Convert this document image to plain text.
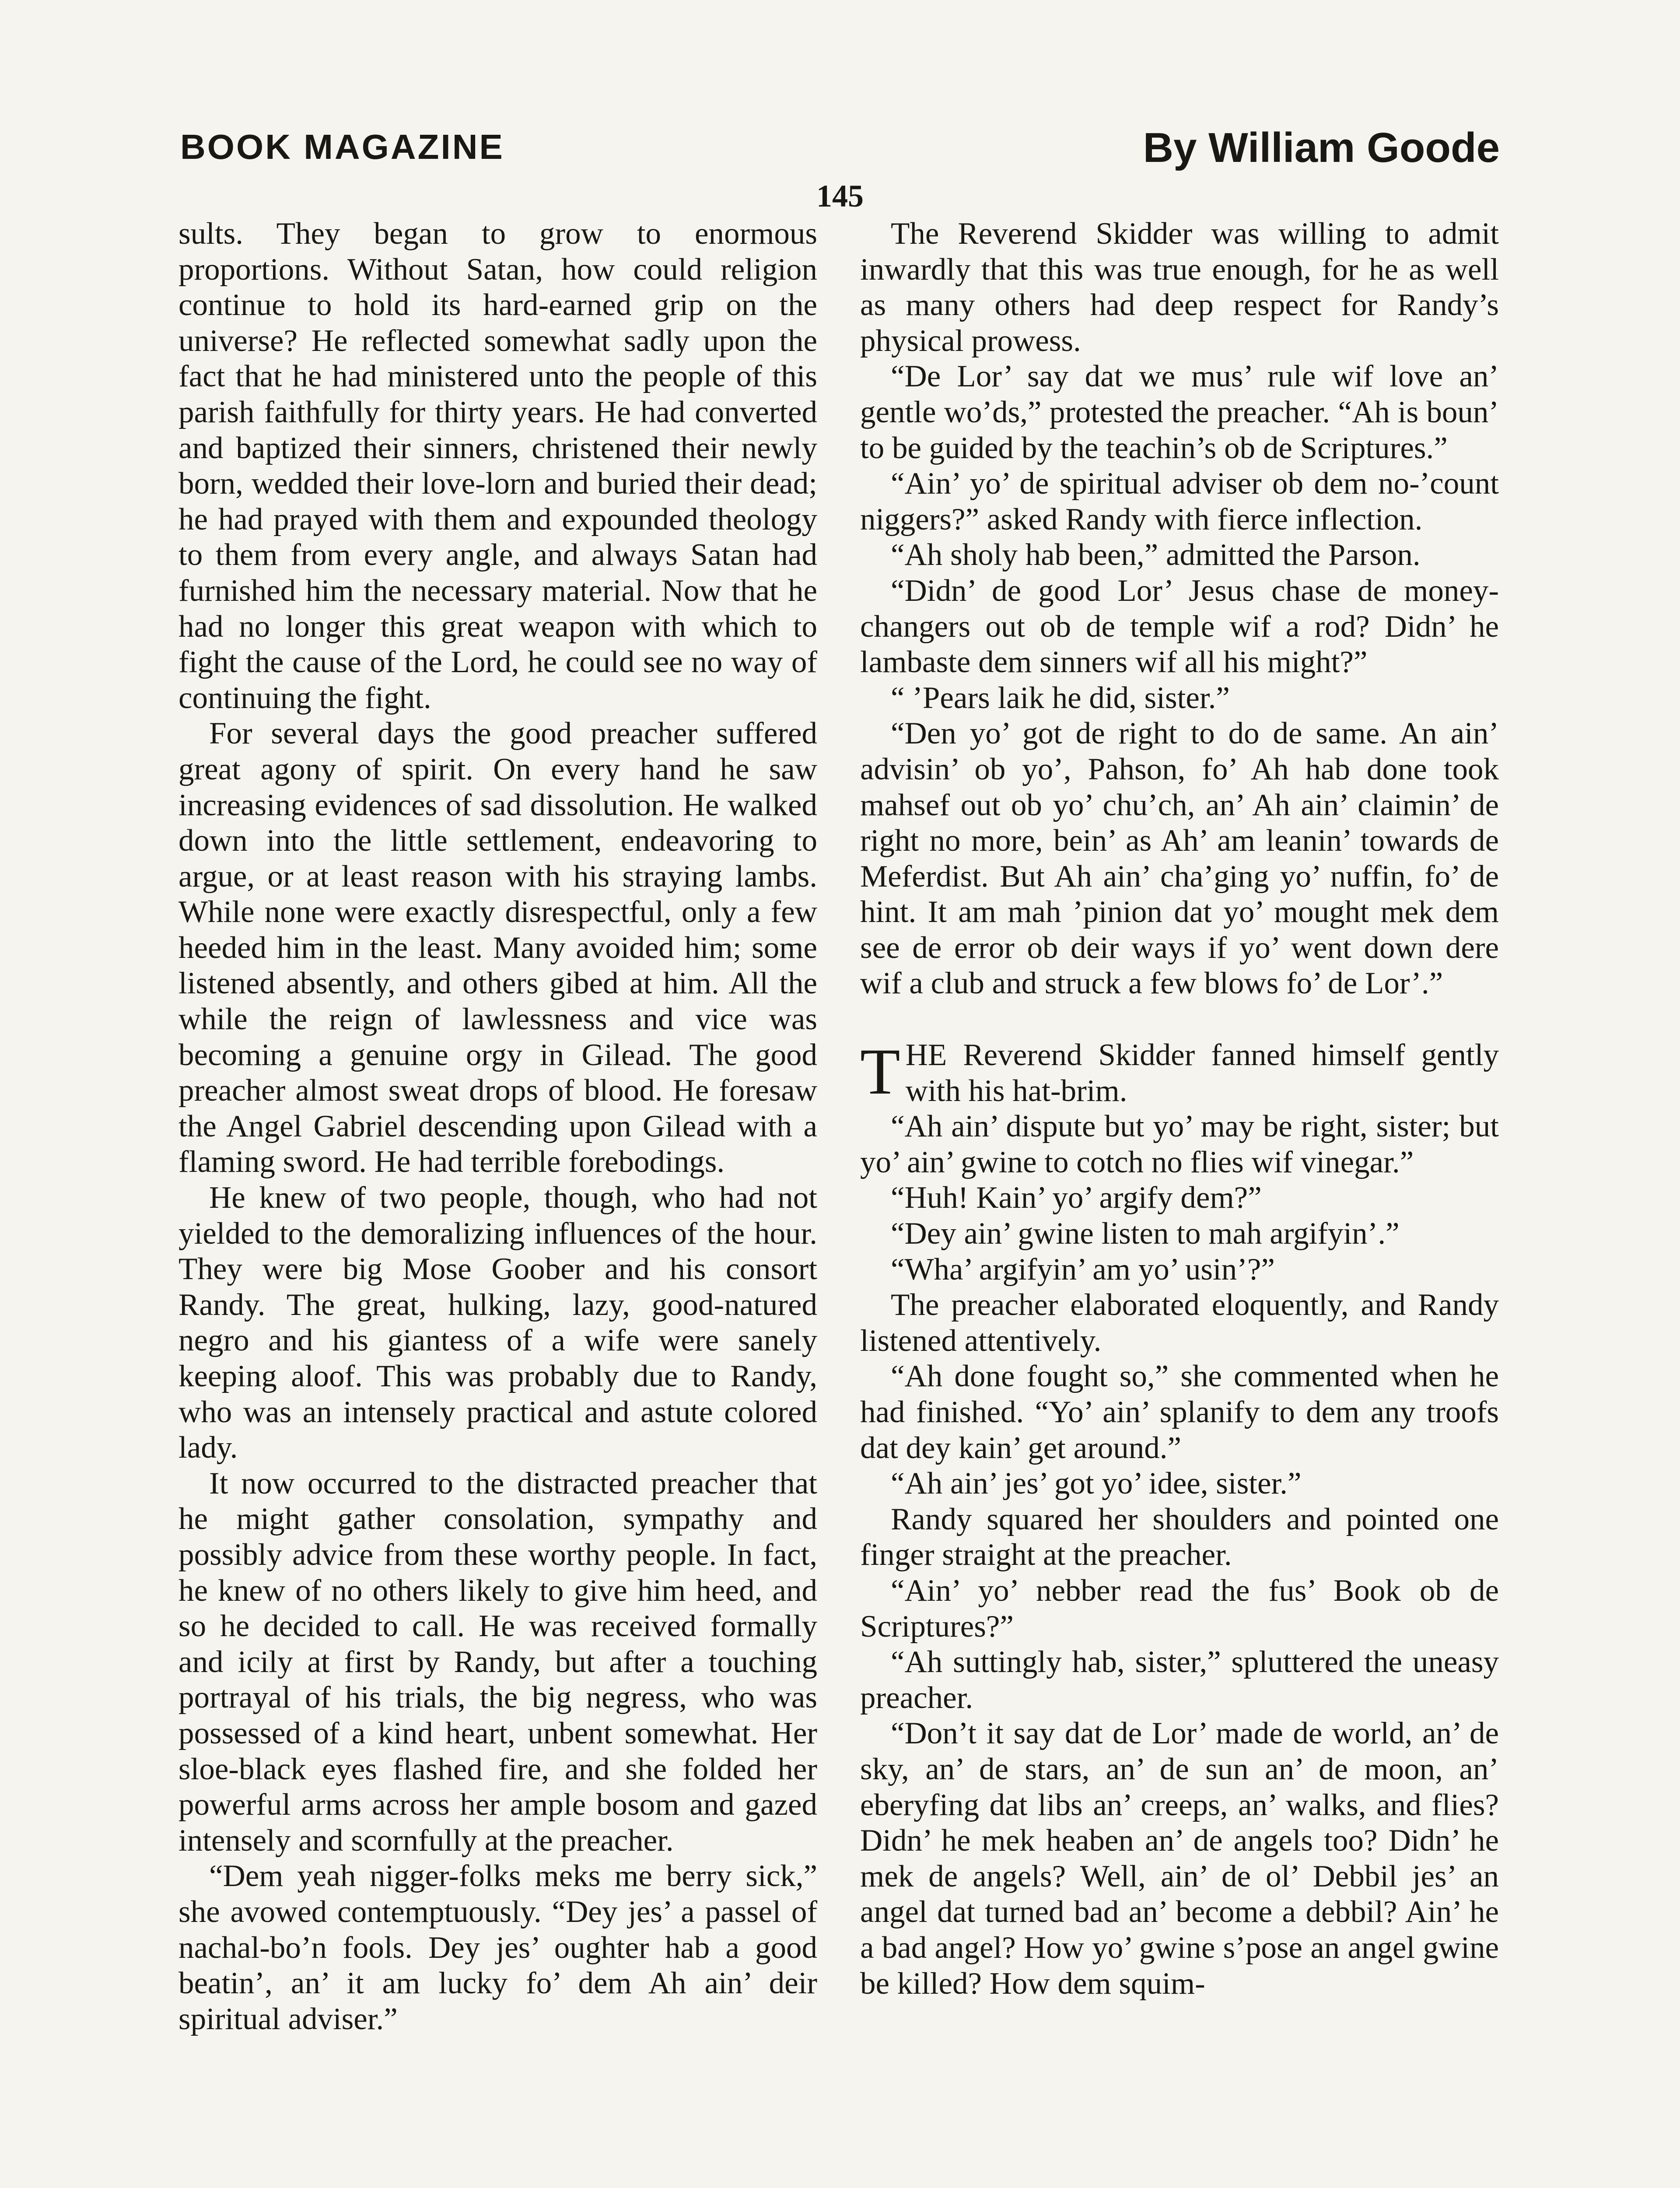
BOOK MAGAZINE	By William Goode
145

sults. They began to grow to enormous proportions. Without Satan, how could religion continue to hold its hard-earned grip on the universe? He reflected somewhat sadly upon the fact that he had ministered unto the people of this parish faithfully for thirty years. He had converted and baptized their sinners, christened their newly born, wedded their love-lorn and buried their dead; he had prayed with them and expounded theology to them from every angle, and always Satan had furnished him the necessary material. Now that he had no longer this great weapon with which to fight the cause of the Lord, he could see no way of continuing the fight.

For several days the good preacher suffered great agony of spirit. On every hand he saw increasing evidences of sad dissolution. He walked down into the little settlement, endeavoring to argue, or at least reason with his straying lambs. While none were exactly disrespectful, only a few heeded him in the least. Many avoided him; some listened absently, and others gibed at him. All the while the reign of lawlessness and vice was becoming a genuine orgy in Gilead. The good preacher almost sweat drops of blood. He foresaw the Angel Gabriel descending upon Gilead with a flaming sword. He had terrible forebodings.

He knew of two people, though, who had not yielded to the demoralizing influences of the hour. They were big Mose Goober and his consort Randy. The great, hulking, lazy, good-natured negro and his giantess of a wife were sanely keeping aloof. This was probably due to Randy, who was an intensely practical and astute colored lady.

It now occurred to the distracted preacher that he might gather consolation, sympathy and possibly advice from these worthy people. In fact, he knew of no others likely to give him heed, and so he decided to call. He was received formally and icily at first by Randy, but after a touching portrayal of his trials, the big negress, who was possessed of a kind heart, unbent somewhat. Her sloe-black eyes flashed fire, and she folded her powerful arms across her ample bosom and gazed intensely and scornfully at the preacher.

“Dem yeah nigger-folks meks me berry sick,” she avowed contemptuously. “Dey jes’ a passel of nachal-bo’n fools. Dey jes’ oughter hab a good beatin’, an’ it am lucky fo’ dem Ah ain’ deir spiritual adviser.”

The Reverend Skidder was willing to admit inwardly that this was true enough, for he as well as many others had deep respect for Randy’s physical prowess.

“De Lor’ say dat we mus’ rule wif love an’ gentle wo’ds,” protested the preacher. “Ah is boun’ to be guided by the teachin’s ob de Scriptures.”

“Ain’ yo’ de spiritual adviser ob dem no-’count niggers?” asked Randy with fierce inflection.

“Ah sholy hab been,” admitted the Parson.

“Didn’ de good Lor’ Jesus chase de money-changers out ob de temple wif a rod? Didn’ he lambaste dem sinners wif all his might?”

“ ’Pears laik he did, sister.”

“Den yo’ got de right to do de same. An ain’ advisin’ ob yo’, Pahson, fo’ Ah hab done took mahsef out ob yo’ chu’ch, an’ Ah ain’ claimin’ de right no more, bein’ as Ah’ am leanin’ towards de Meferdist. But Ah ain’ cha’ging yo’ nuffin, fo’ de hint. It am mah ’pinion dat yo’ mought mek dem see de error ob deir ways if yo’ went down dere wif a club and struck a few blows fo’ de Lor’.”

THE Reverend Skidder fanned himself gently with his hat-brim.

“Ah ain’ dispute but yo’ may be right, sister; but yo’ ain’ gwine to cotch no flies wif vinegar.”

“Huh! Kain’ yo’ argify dem?”

“Dey ain’ gwine listen to mah argifyin’.”

“Wha’ argifyin’ am yo’ usin’?”

The preacher elaborated eloquently, and Randy listened attentively.

“Ah done fought so,” she commented when he had finished. “Yo’ ain’ splanify to dem any troofs dat dey kain’ get around.”

“Ah ain’ jes’ got yo’ idee, sister.”

Randy squared her shoulders and pointed one finger straight at the preacher.

“Ain’ yo’ nebber read the fus’ Book ob de Scriptures?”

“Ah suttingly hab, sister,” spluttered the uneasy preacher.

“Don’t it say dat de Lor’ made de world, an’ de sky, an’ de stars, an’ de sun an’ de moon, an’ eberyfing dat libs an’ creeps, an’ walks, and flies? Didn’ he mek heaben an’ de angels too? Didn’ he mek de angels? Well, ain’ de ol’ Debbil jes’ an angel dat turned bad an’ become a debbil? Ain’ he a bad angel? How yo’ gwine s’pose an angel gwine be killed? How dem squim-
